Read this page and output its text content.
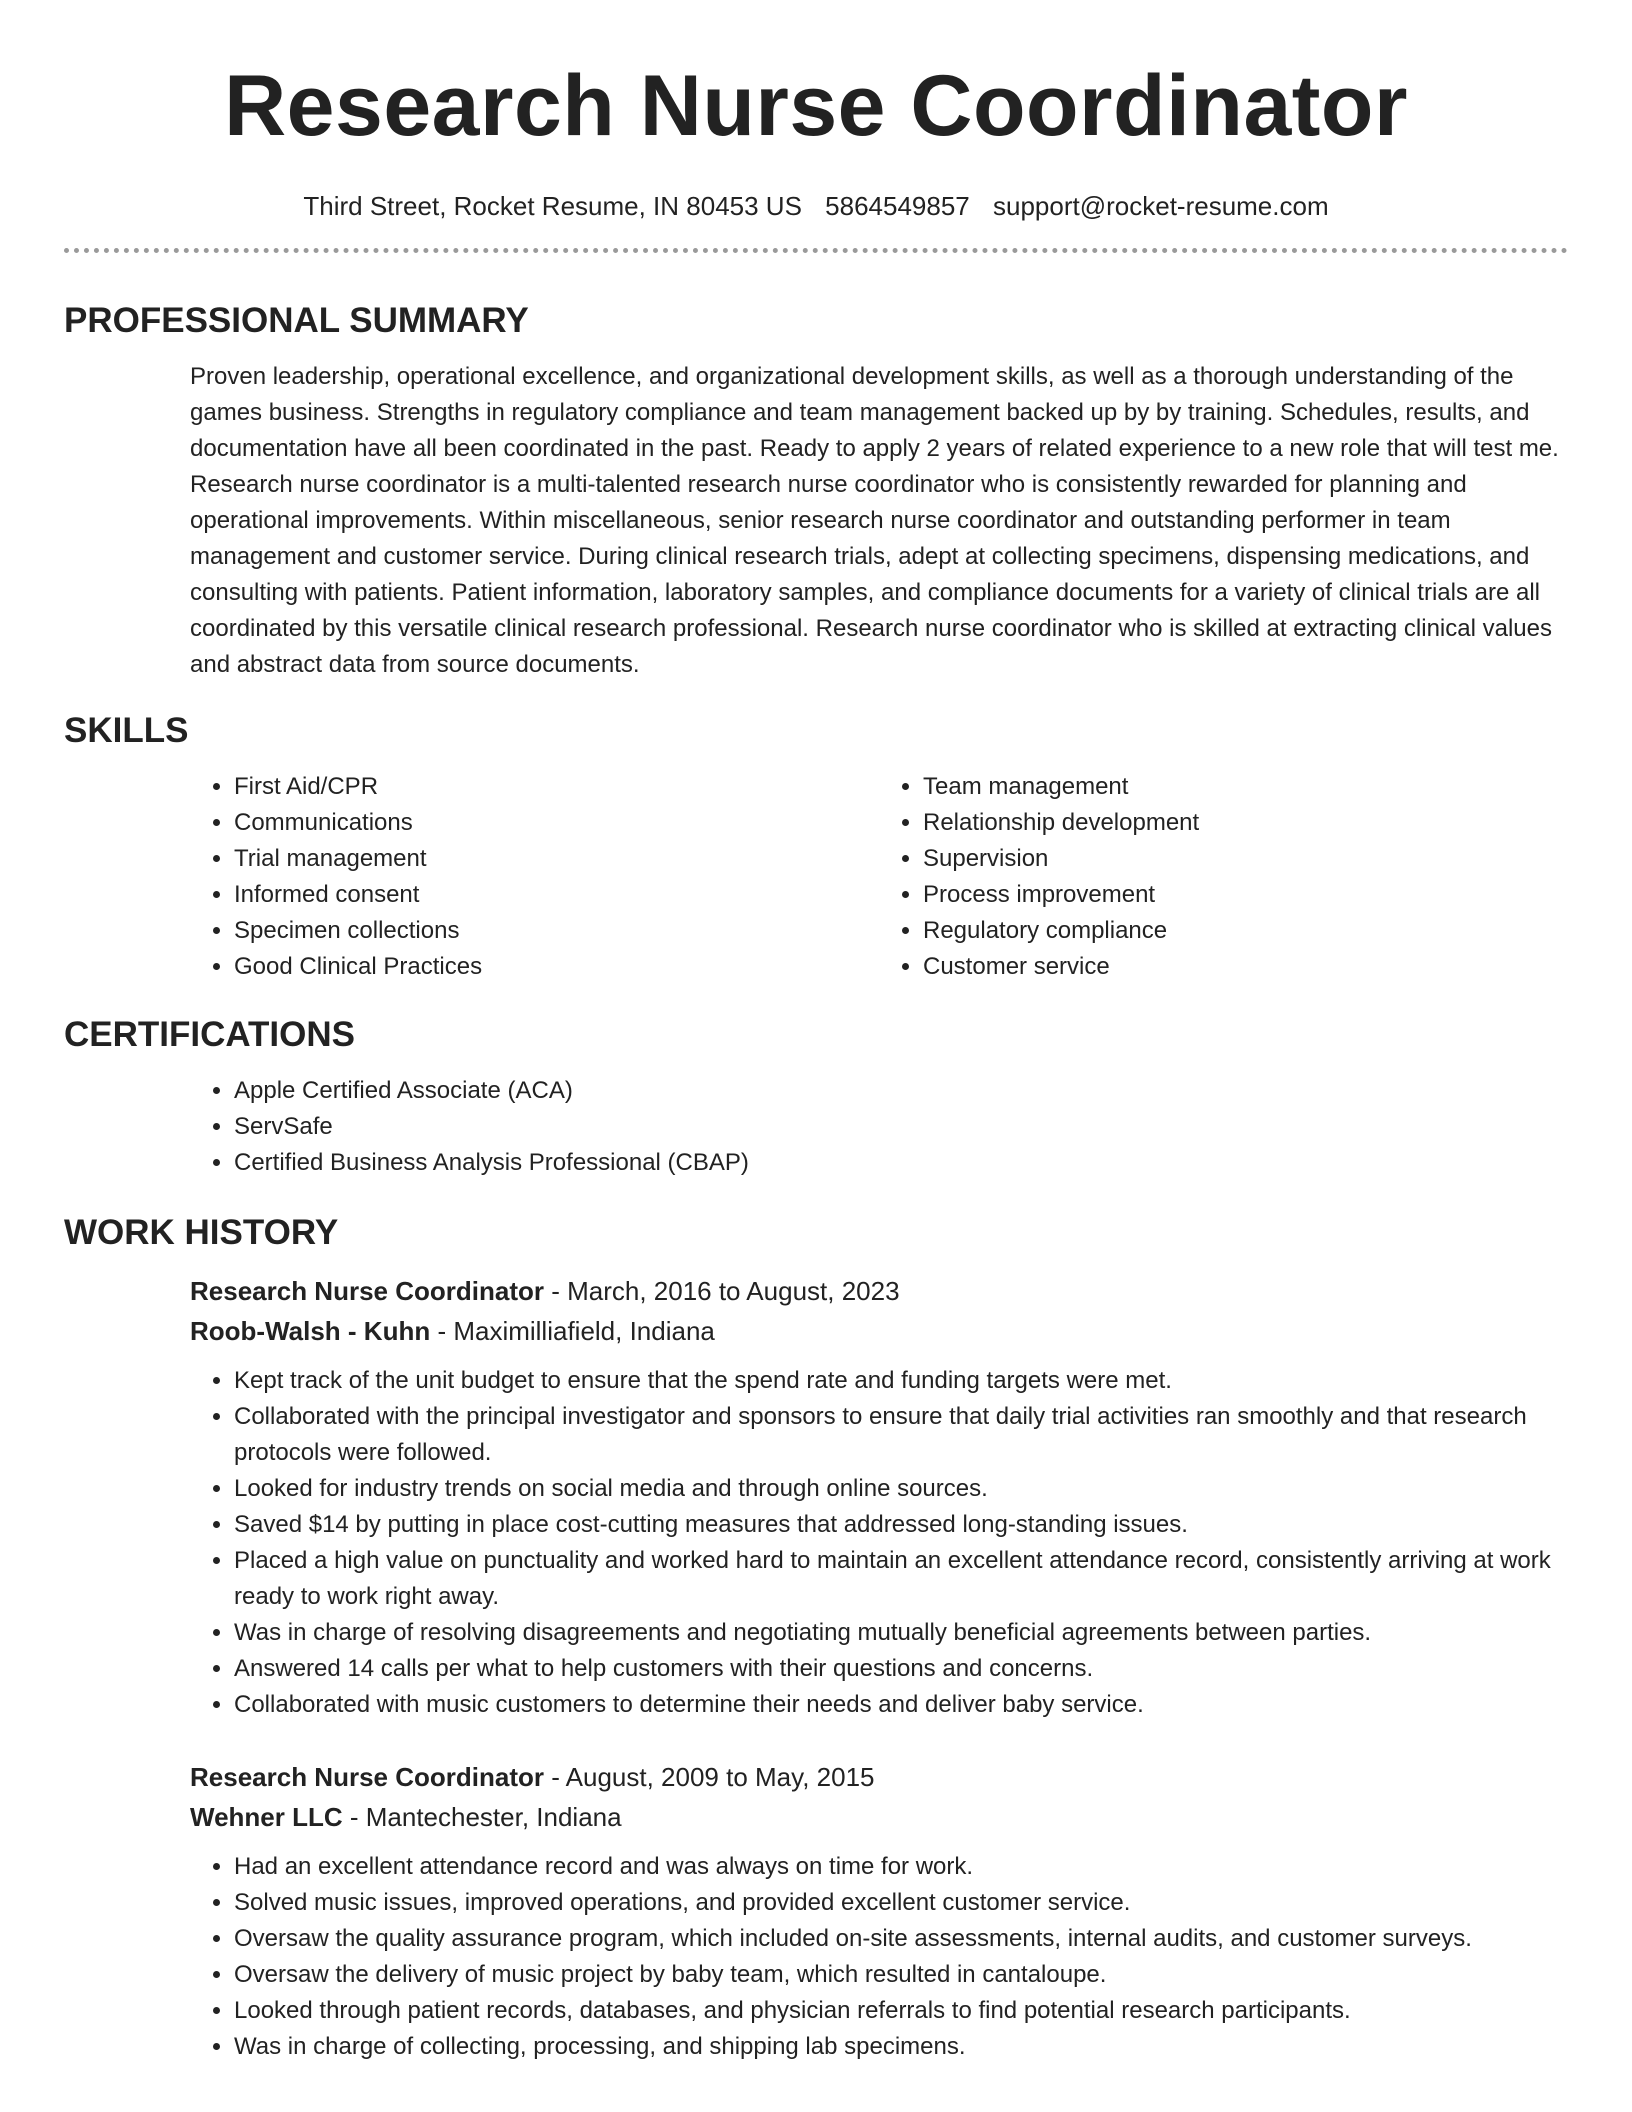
Research Nurse Coordinator
Third Street, Rocket Resume, IN 80453 US 5864549857 support@rocket-resume.com
PROFESSIONAL SUMMARY

Proven leadership, operational excellence, and organizational development skills, as well as a thorough understanding of the games business. Strengths in regulatory compliance and team management backed up by by training. Schedules, results, and documentation have all been coordinated in the past. Ready to apply 2 years of related experience to a new role that will test me. Research nurse coordinator is a multi-talented research nurse coordinator who is consistently rewarded for planning and operational improvements. Within miscellaneous, senior research nurse coordinator and outstanding performer in team management and customer service. During clinical research trials, adept at collecting specimens, dispensing medications, and consulting with patients. Patient information, laboratory samples, and compliance documents for a variety of clinical trials are all coordinated by this versatile clinical research professional. Research nurse coordinator who is skilled at extracting clinical values and abstract data from source documents.

SKILLS
• First Aid/CPR
• Communications
• Trial management
• Informed consent
• Specimen collections
• Good Clinical Practices
• Team management
• Relationship development
• Supervision
• Process improvement
• Regulatory compliance
• Customer service
CERTIFICATIONS
• Apple Certified Associate (ACA)
• ServSafe
• Certified Business Analysis Professional (CBAP)
WORK HISTORY
Research Nurse Coordinator - March, 2016 to August, 2023
Roob-Walsh - Kuhn - Maximilliafield, Indiana
• Kept track of the unit budget to ensure that the spend rate and funding targets were met.
• Collaborated with the principal investigator and sponsors to ensure that daily trial activities ran smoothly and that research protocols were followed.
• Looked for industry trends on social media and through online sources.
• Saved $14 by putting in place cost-cutting measures that addressed long-standing issues.
• Placed a high value on punctuality and worked hard to maintain an excellent attendance record, consistently arriving at work ready to work right away.
• Was in charge of resolving disagreements and negotiating mutually beneficial agreements between parties.
• Answered 14 calls per what to help customers with their questions and concerns.
• Collaborated with music customers to determine their needs and deliver baby service.
Research Nurse Coordinator - August, 2009 to May, 2015
Wehner LLC - Mantechester, Indiana
• Had an excellent attendance record and was always on time for work.
• Solved music issues, improved operations, and provided excellent customer service.
• Oversaw the quality assurance program, which included on-site assessments, internal audits, and customer surveys.
• Oversaw the delivery of music project by baby team, which resulted in cantaloupe.
• Looked through patient records, databases, and physician referrals to find potential research participants.
• Was in charge of collecting, processing, and shipping lab specimens.
